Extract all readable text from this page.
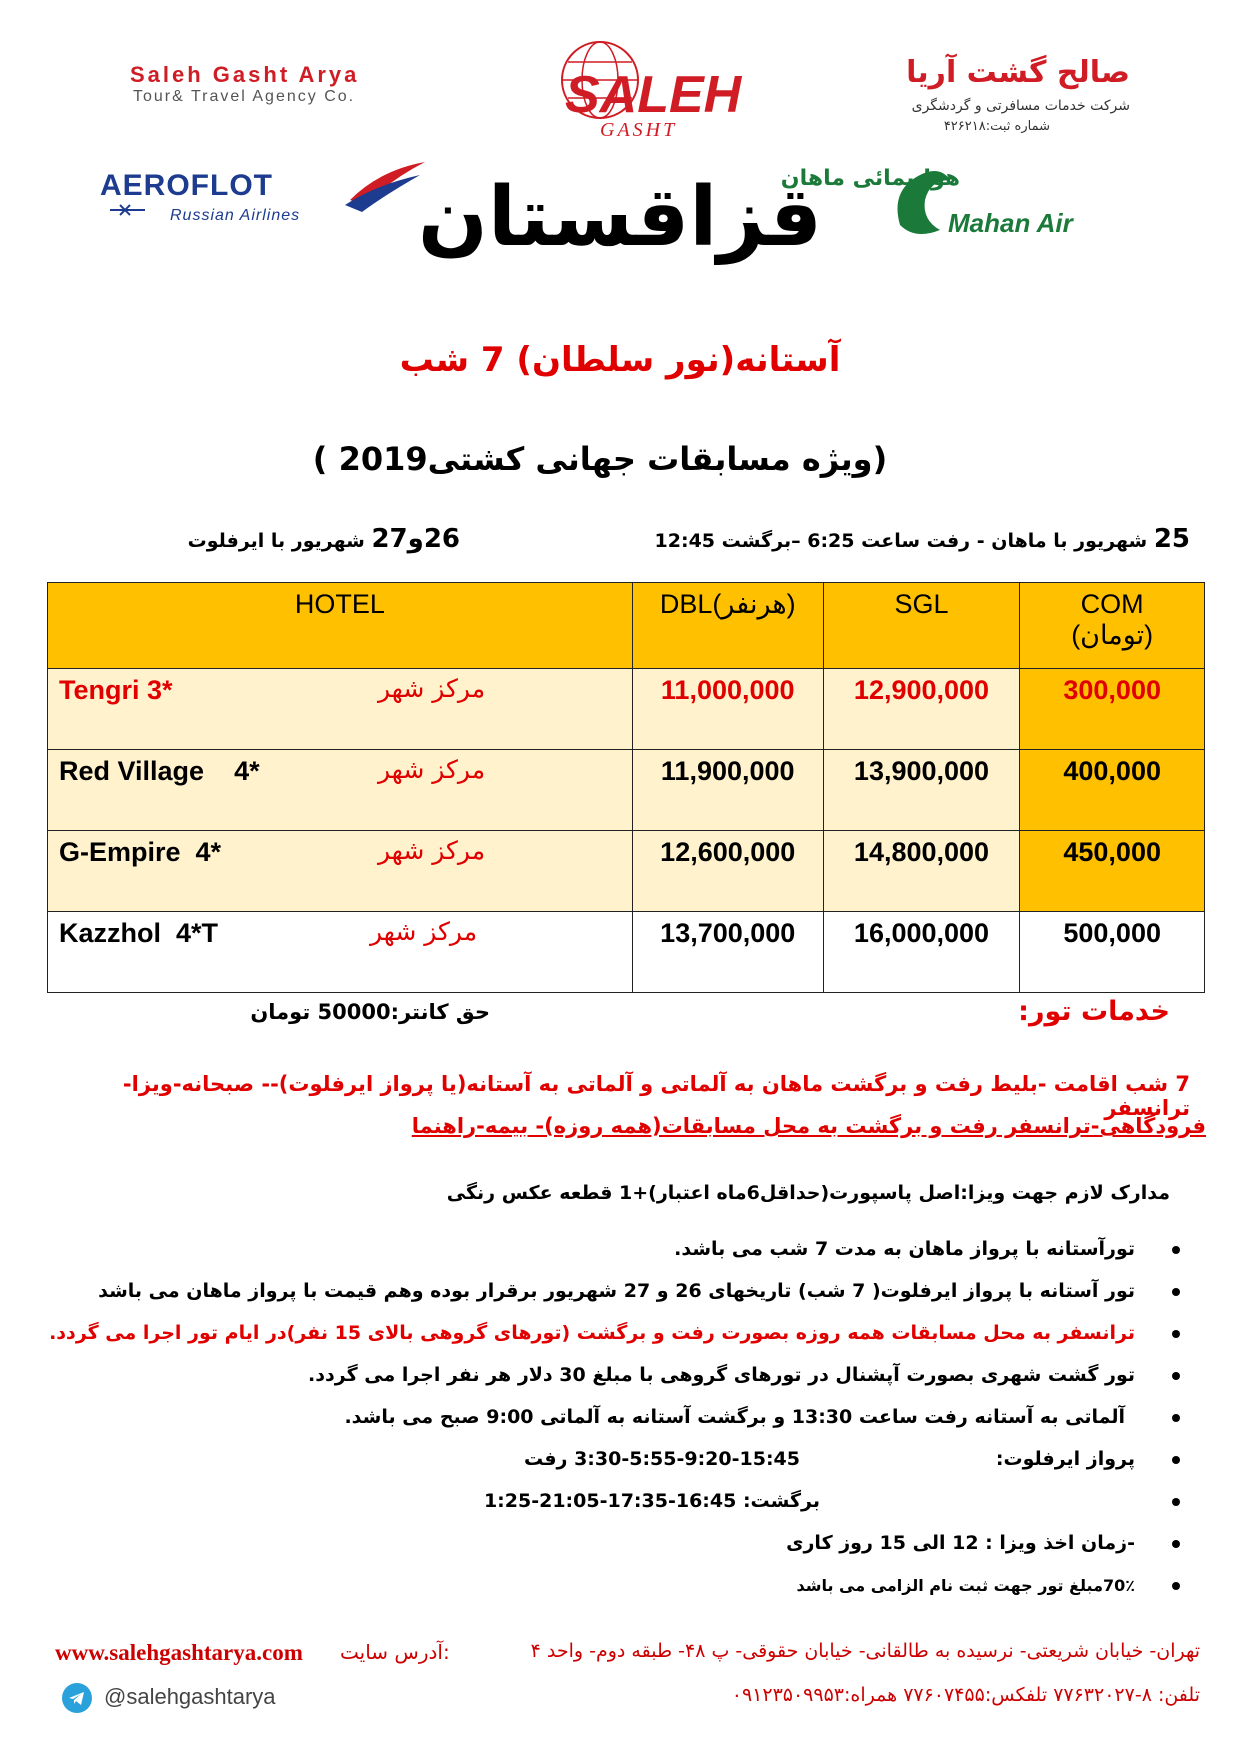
Saleh Gasht Arya
Tour& Travel Agency Co.	SALEH
GASHT
صالح گشت آریا
شرکت خدمات مسافرتی و گردشگری
شماره ثبت:۴۲۶۲۱۸
AEROFLOT
Russian Airlines
هواپیمائی ماهان
Mahan Air
قزاقستان
آستانه(نور سلطان) 7 شب
(ویژه مسابقات جهانی کشتی2019 )
25 شهریور با ماهان - رفت ساعت 6:25 –برگشت 12:45
26و27 شهریور با ایرفلوت
HOTEL	DBL(هرنفر)	SGL	COM
(تومان)

Tengri 3* مرکز شهر	11,000,000	12,900,000	300,000

Red Village    4* مرکز شهر	11,900,000	13,900,000	400,000

G-Empire  4* مرکز شهر	12,600,000	14,800,000	450,000

Kazzhol  4*T مرکز شهر	13,700,000	16,000,000	500,000
خدمات تور:
حق کانتر:50000 تومان
7 شب اقامت -بلیط رفت و برگشت ماهان به آلماتی و آلماتی به آستانه(یا پرواز ایرفلوت)-- صبحانه-ویزا-ترانسفر
فرودگاهی-ترانسفر رفت و برگشت به محل مسابقات(همه روزه)- بیمه-راهنما
مدارک لازم جهت ویزا:اصل پاسپورت(حداقل6ماه اعتبار)+1 قطعه عکس رنگی
تورآستانه با پرواز ماهان به مدت 7 شب می باشد.
تور آستانه با پرواز ایرفلوت( 7 شب) تاریخهای 26 و 27 شهریور برقرار بوده وهم قیمت با پرواز ماهان می باشد
ترانسفر به محل مسابقات همه روزه بصورت رفت و برگشت (تورهای گروهی بالای 15 نفر)در ایام تور اجرا می گردد.
تور گشت شهری بصورت آپشنال در تورهای گروهی با مبلغ 30 دلار هر نفر اجرا می گردد.
آلماتی به آستانه رفت ساعت 13:30 و برگشت آستانه به آلماتی 9:00 صبح می باشد.
پرواز ایرفلوت:
3:30-5:55-9:20-15:45 رفت
برگشت: 16:45-17:35-21:05-1:25
-زمان اخذ ویزا : 12 الی 15 روز کاری
70٪مبلغ تور جهت ثبت نام الزامی می باشد
www.salehgashtarya.com :آدرس سایت	تهران- خیابان شریعتی- نرسیده به طالقانی- خیابان حقوقی- پ ۴۸- طبقه دوم- واحد ۴
@salehgashtarya	تلفن: ۸-۷۷۶۳۲۰۲۷ تلفکس:۷۷۶۰۷۴۵۵ همراه:۰۹۱۲۳۵۰۹۹۵۳
